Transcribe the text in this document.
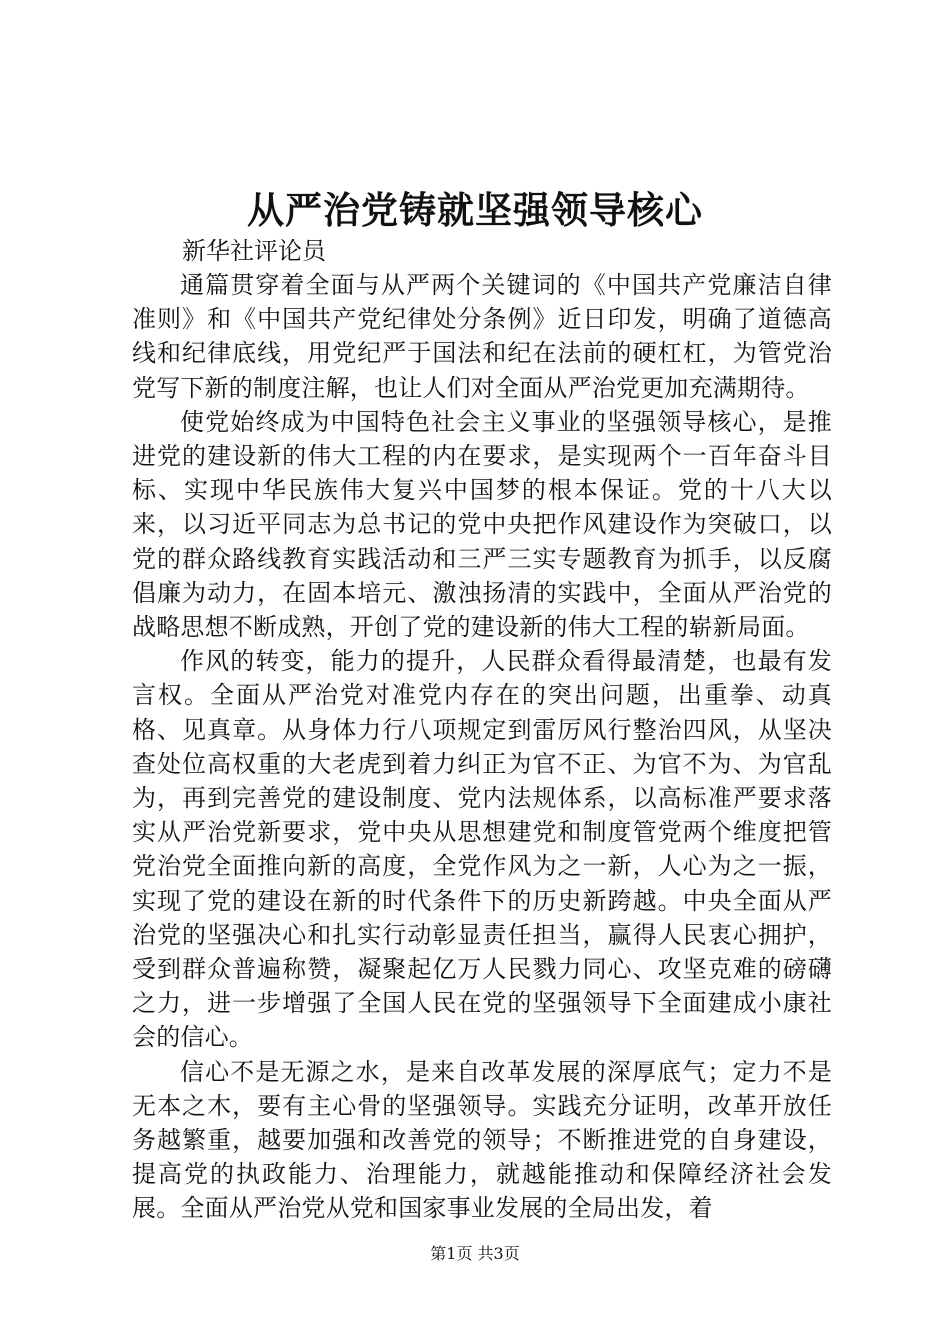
从严治党铸就坚强领导核心

新华社评论员

通篇贯穿着全面与从严两个关键词的《中国共产党廉洁自律准则》和《中国共产党纪律处分条例》近日印发，明确了道德高线和纪律底线，用党纪严于国法和纪在法前的硬杠杠，为管党治党写下新的制度注解，也让人们对全面从严治党更加充满期待。

使党始终成为中国特色社会主义事业的坚强领导核心，是推进党的建设新的伟大工程的内在要求，是实现两个一百年奋斗目标、实现中华民族伟大复兴中国梦的根本保证。党的十八大以来，以习近平同志为总书记的党中央把作风建设作为突破口，以党的群众路线教育实践活动和三严三实专题教育为抓手，以反腐倡廉为动力，在固本培元、激浊扬清的实践中，全面从严治党的战略思想不断成熟，开创了党的建设新的伟大工程的崭新局面。

作风的转变，能力的提升，人民群众看得最清楚，也最有发言权。全面从严治党对准党内存在的突出问题，出重拳、动真格、见真章。从身体力行八项规定到雷厉风行整治四风，从坚决查处位高权重的大老虎到着力纠正为官不正、为官不为、为官乱为，再到完善党的建设制度、党内法规体系，以高标准严要求落实从严治党新要求，党中央从思想建党和制度管党两个维度把管党治党全面推向新的高度，全党作风为之一新，人心为之一振，实现了党的建设在新的时代条件下的历史新跨越。中央全面从严治党的坚强决心和扎实行动彰显责任担当，赢得人民衷心拥护，受到群众普遍称赞，凝聚起亿万人民戮力同心、攻坚克难的磅礴之力，进一步增强了全国人民在党的坚强领导下全面建成小康社会的信心。

信心不是无源之水，是来自改革发展的深厚底气；定力不是无本之木，要有主心骨的坚强领导。实践充分证明，改革开放任务越繁重，越要加强和改善党的领导；不断推进党的自身建设，提高党的执政能力、治理能力，就越能推动和保障经济社会发展。全面从严治党从党和国家事业发展的全局出发，着

第1页 共3页
